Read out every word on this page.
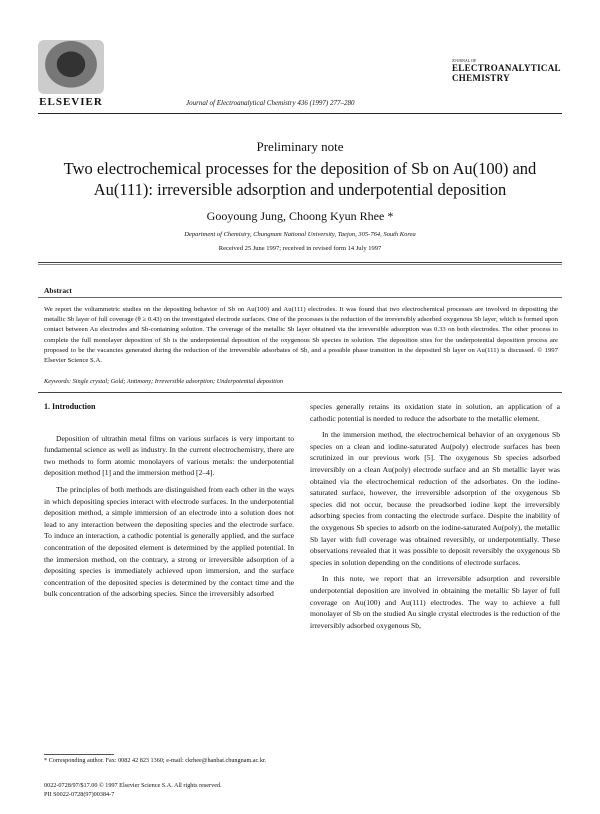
ELSEVIER	Journal of Electroanalytical Chemistry 436 (1997) 277–280
JOURNAL OF
ELECTROANALYTICAL
CHEMISTRY
Preliminary note
Two electrochemical processes for the deposition of Sb on Au(100) and
Au(111): irreversible adsorption and underpotential deposition
Gooyoung Jung, Choong Kyun Rhee *
Department of Chemistry, Chungnam National University, Taejon, 305-764, South Korea
Received 25 June 1997; received in revised form 14 July 1997
Abstract
We report the voltammetric studies on the depositing behavior of Sb on Au(100) and Au(111) electrodes. It was found that two electrochemical processes are involved in depositing the metallic Sb layer of full coverage (θ ≥ 0.43) on the investigated electrode surfaces. One of the processes is the reduction of the irreversibly adsorbed oxygenous Sb layer, which is formed upon contact between Au electrodes and Sb-containing solution. The coverage of the metallic Sb layer obtained via the irreversible adsorption was 0.33 on both electrodes. The other process to complete the full monolayer deposition of Sb is the underpotential deposition of the oxygenous Sb species in solution. The deposition sites for the underpotential deposition process are proposed to be the vacancies generated during the reduction of the irreversible adsorbates of Sb, and a possible phase transition in the deposited Sb layer on Au(111) is discussed. © 1997 Elsevier Science S.A.
Keywords: Single crystal; Gold; Antimony; Irreversible adsorption; Underpotential deposition
1. Introduction

Deposition of ultrathin metal films on various surfaces is very important to fundamental science as well as industry. In the current electrochemistry, there are two methods to form atomic monolayers of various metals: the underpotential deposition method [1] and the immersion method [2–4].

The principles of both methods are distinguished from each other in the ways in which depositing species interact with electrode surfaces. In the underpotential deposition method, a simple immersion of an electrode into a solution does not lead to any interaction between the depositing species and the electrode surface. To induce an interaction, a cathodic potential is generally applied, and the surface concentration of the deposited element is determined by the applied potential. In the immersion method, on the contrary, a strong or irreversible adsorption of a depositing species is immediately achieved upon immersion, and the surface concentration of the deposited species is determined by the contact time and the bulk concentration of the adsorbing species. Since the irreversibly adsorbed

species generally retains its oxidation state in solution, an application of a cathodic potential is needed to reduce the adsorbate to the metallic element.

In the immersion method, the electrochemical behavior of an oxygenous Sb species on a clean and iodine-saturated Au(poly) electrode surfaces has been scrutinized in our previous work [5]. The oxygenous Sb species adsorbed irreversibly on a clean Au(poly) electrode surface and an Sb metallic layer was obtained via the electrochemical reduction of the adsorbates. On the iodine-saturated surface, however, the irreversible adsorption of the oxygenous Sb species did not occur, because the preadsorbed iodine kept the irreversibly adsorbing species from contacting the electrode surface. Despite the inability of the oxygenous Sb species to adsorb on the iodine-saturated Au(poly), the metallic Sb layer with full coverage was obtained reversibly, or underpotentially. These observations revealed that it was possible to deposit reversibly the oxygenous Sb species in solution depending on the conditions of electrode surfaces.

In this note, we report that an irreversible adsorption and reversible underpotential deposition are involved in obtaining the metallic Sb layer of full coverage on Au(100) and Au(111) electrodes. The way to achieve a full monolayer of Sb on the studied Au single crystal electrodes is the reduction of the irreversibly adsorbed oxygenous Sb,

* Corresponding author. Fax: 0082 42 823 1360; e-mail: ckrhee@hanbat.chungnam.ac.kr.
0022-0728/97/$17.00 © 1997 Elsevier Science S.A. All rights reserved.
PII S0022-0728(97)00384-7
